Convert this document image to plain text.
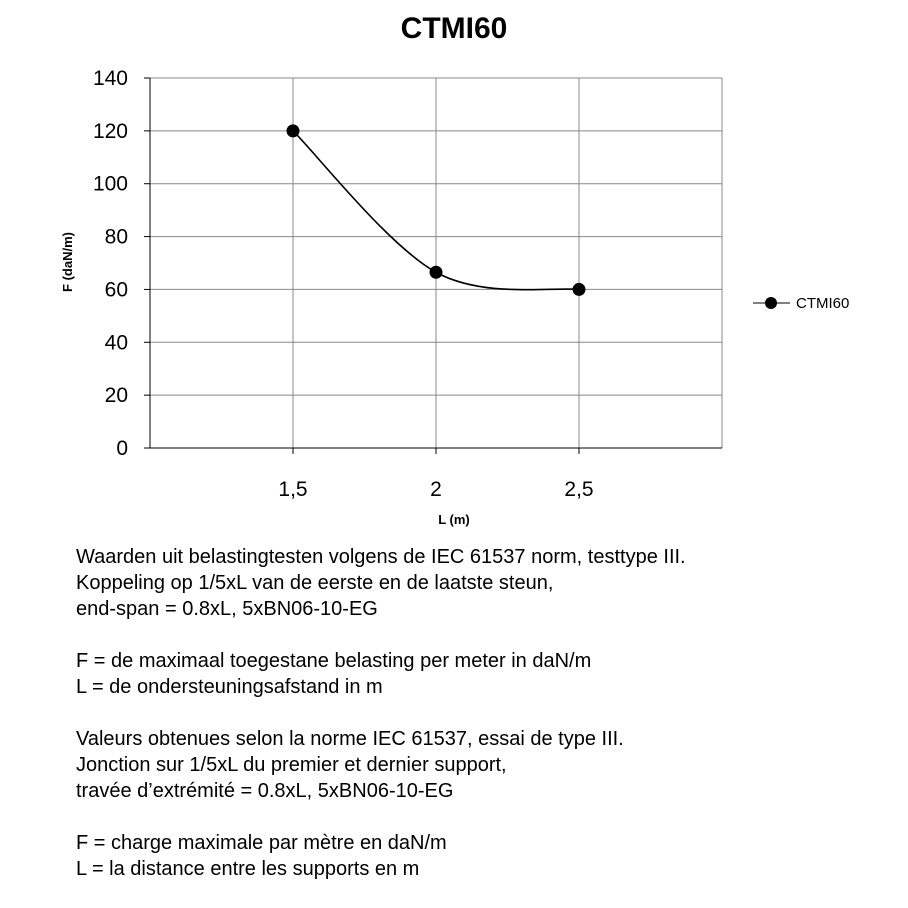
CTMI60
0
20
40
60
80
100
120
140
1,5	2	2,5
L (m)
F (daN/m)
CTMI60
Waarden uit belastingtesten volgens de IEC 61537 norm, testtype III.
Koppeling op 1/5xL van de eerste en de laatste steun,
end-span = 0.8xL, 5xBN06-10-EG
F = de maximaal toegestane belasting per meter in daN/m
L = de ondersteuningsafstand in m
Valeurs obtenues selon la norme IEC 61537, essai de type III.
Jonction sur 1/5xL du premier et dernier support,
travée d’extrémité = 0.8xL, 5xBN06-10-EG
F = charge maximale par mètre en daN/m
L = la distance entre les supports en m
